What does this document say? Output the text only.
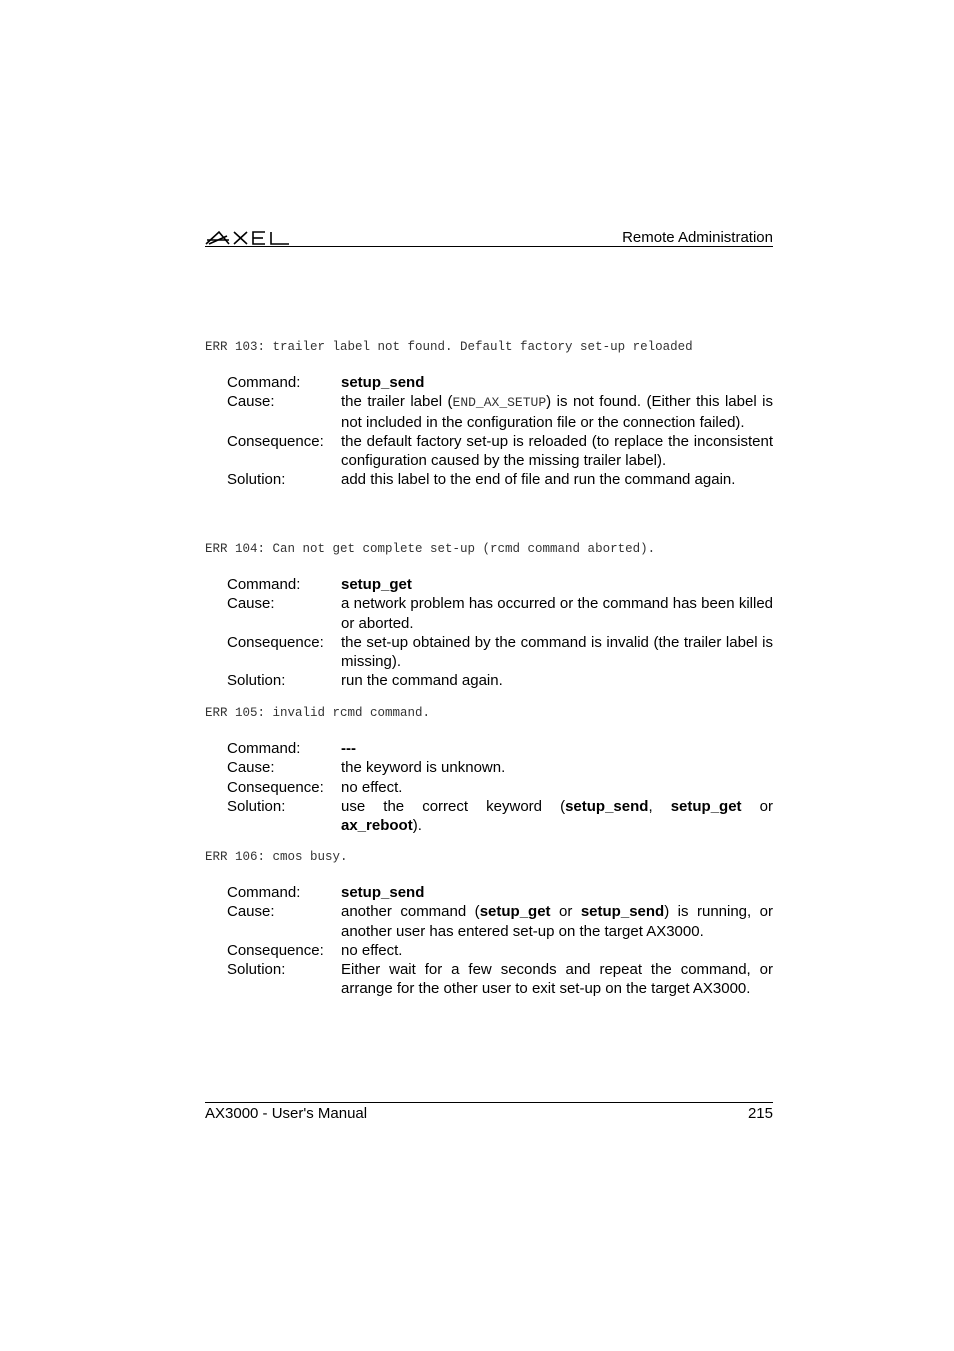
Remote Administration
ERR 103: trailer label not found. Default factory set-up reloaded
Command:	setup_send
Cause:	the trailer label (END_AX_SETUP) is not found. (Either this label is not included in the configuration file or the connection failed).
Consequence:	the default factory set-up is reloaded (to replace the inconsistent configuration caused by the missing trailer label).
Solution:	add this label to the end of file and run the command again.
ERR 104: Can not get complete set-up (rcmd command aborted).
Command:	setup_get
Cause:	a network problem has occurred or the command has been killed or aborted.
Consequence:	the set-up obtained by the command is invalid (the trailer label is missing).
Solution:	run the command again.
ERR 105: invalid rcmd command.
Command:	---
Cause:	the keyword is unknown.
Consequence:	no effect.
Solution:	use the correct keyword (setup_send, setup_get or ax_reboot).
ERR 106: cmos busy.
Command:	setup_send
Cause:	another command (setup_get or setup_send) is running, or another user has entered set-up on the target AX3000.
Consequence:	no effect.
Solution:	Either wait for a few seconds and repeat the command, or arrange for the other user to exit set-up on the target AX3000.
AX3000 - User's Manual	215
